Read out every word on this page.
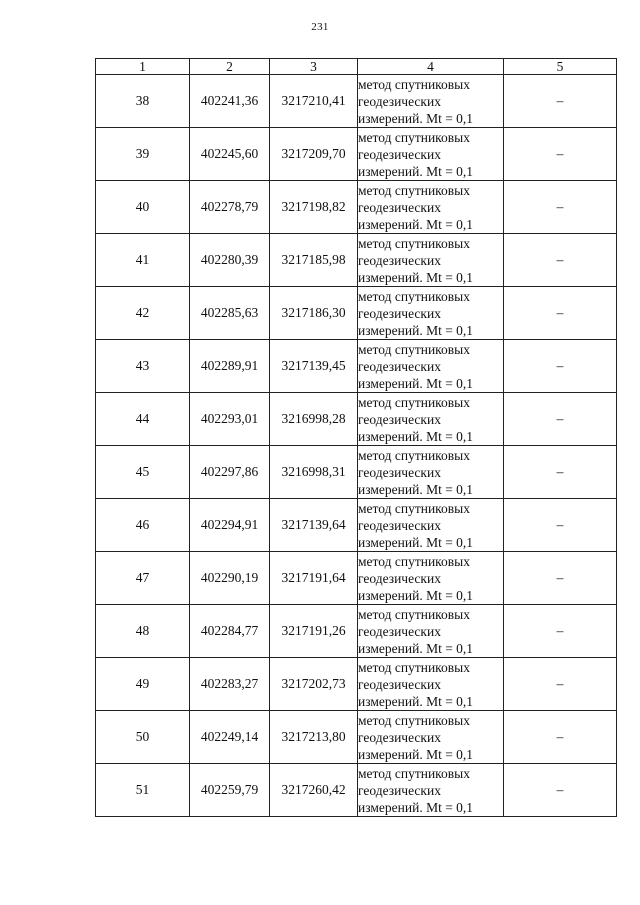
231
1	2	3	4	5
38	402241,36	3217210,41	метод спутниковых
геодезических
измерений. Mt = 0,1	–
39	402245,60	3217209,70	метод спутниковых
геодезических
измерений. Mt = 0,1	–
40	402278,79	3217198,82	метод спутниковых
геодезических
измерений. Mt = 0,1	–
41	402280,39	3217185,98	метод спутниковых
геодезических
измерений. Mt = 0,1	–
42	402285,63	3217186,30	метод спутниковых
геодезических
измерений. Mt = 0,1	–
43	402289,91	3217139,45	метод спутниковых
геодезических
измерений. Mt = 0,1	–
44	402293,01	3216998,28	метод спутниковых
геодезических
измерений. Mt = 0,1	–
45	402297,86	3216998,31	метод спутниковых
геодезических
измерений. Mt = 0,1	–
46	402294,91	3217139,64	метод спутниковых
геодезических
измерений. Mt = 0,1	–
47	402290,19	3217191,64	метод спутниковых
геодезических
измерений. Mt = 0,1	–
48	402284,77	3217191,26	метод спутниковых
геодезических
измерений. Mt = 0,1	–
49	402283,27	3217202,73	метод спутниковых
геодезических
измерений. Mt = 0,1	–
50	402249,14	3217213,80	метод спутниковых
геодезических
измерений. Mt = 0,1	–
51	402259,79	3217260,42	метод спутниковых
геодезических
измерений. Mt = 0,1	–
